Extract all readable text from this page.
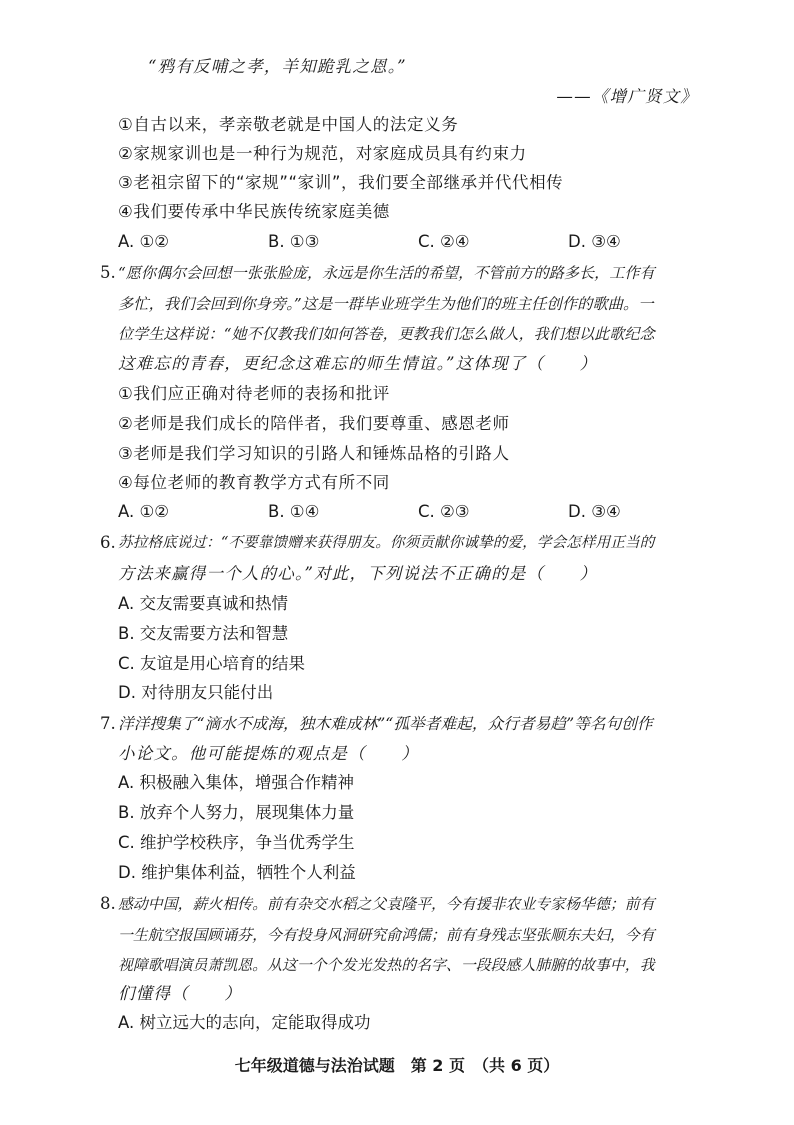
“鸦有反哺之孝，羊知跪乳之恩。”
——《增广贤文》
①自古以来，孝亲敬老就是中国人的法定义务
②家规家训也是一种行为规范，对家庭成员具有约束力
③老祖宗留下的“家规”“家训”，我们要全部继承并代代相传
④我们要传承中华民族传统家庭美德
A. ①②	B. ①③	C. ②④	D. ③④
5. “愿你偶尔会回想一张张脸庞，永远是你生活的希望，不管前方的路多长，工作有
多忙，我们会回到你身旁。”这是一群毕业班学生为他们的班主任创作的歌曲。一
位学生这样说：“她不仅教我们如何答卷，更教我们怎么做人，我们想以此歌纪念
这难忘的青春，更纪念这难忘的师生情谊。”这体现了（　　）
①我们应正确对待老师的表扬和批评
②老师是我们成长的陪伴者，我们要尊重、感恩老师
③老师是我们学习知识的引路人和锤炼品格的引路人
④每位老师的教育教学方式有所不同
A. ①②	B. ①④	C. ②③	D. ③④
6. 苏拉格底说过：“不要靠馈赠来获得朋友。你须贡献你诚挚的爱，学会怎样用正当的
方法来赢得一个人的心。”对此，下列说法不正确的是（　　）
A. 交友需要真诚和热情
B. 交友需要方法和智慧
C. 友谊是用心培育的结果
D. 对待朋友只能付出
7. 洋洋搜集了“滴水不成海，独木难成林”“孤举者难起，众行者易趋”等名句创作
小论文。他可能提炼的观点是（　　）
A. 积极融入集体，增强合作精神
B. 放弃个人努力，展现集体力量
C. 维护学校秩序，争当优秀学生
D. 维护集体利益，牺牲个人利益
8. 感动中国，薪火相传。前有杂交水稻之父袁隆平，今有援非农业专家杨华德；前有
一生航空报国顾诵芬，今有投身风洞研究俞鸿儒；前有身残志坚张顺东夫妇，今有
视障歌唱演员萧凯恩。从这一个个发光发热的名字、一段段感人肺腑的故事中，我
们懂得（　　）
A. 树立远大的志向，定能取得成功
七年级道德与法治试题　第 2 页　（共 6 页）
